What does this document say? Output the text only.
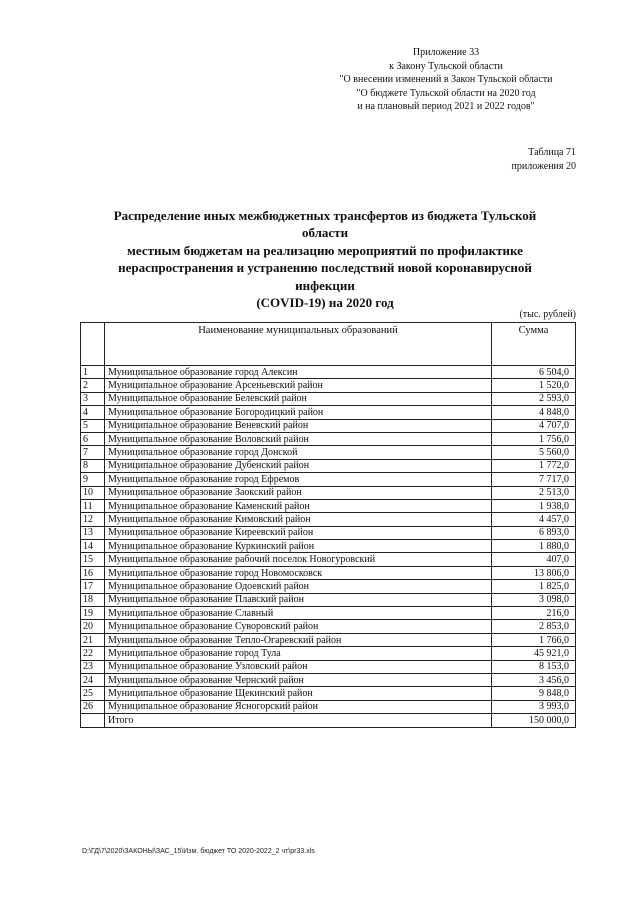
Приложение 33
к Закону Тульской области
"О внесении изменений в Закон Тульской области
"О бюджете Тульской области на 2020 год
и на плановый период 2021 и 2022 годов"
Таблица 71
приложения 20
Распределение иных межбюджетных трансфертов из бюджета Тульской области
местным бюджетам на реализацию мероприятий по профилактике
нераспространения и устранению последствий новой коронавирусной инфекции
(COVID-19) на 2020 год
(тыс. рублей)
	Наименование муниципальных образований	Сумма
1	Муниципальное образование город Алексин	6 504,0
2	Муниципальное образование Арсеньевский район	1 520,0
3	Муниципальное образование Белевский район	2 593,0
4	Муниципальное образование Богородицкий район	4 848,0
5	Муниципальное образование Веневский район	4 707,0
6	Муниципальное образование Воловский район	1 756,0
7	Муниципальное образование город Донской	5 560,0
8	Муниципальное образование Дубенский район	1 772,0
9	Муниципальное образование город Ефремов	7 717,0
10	Муниципальное образование Заокский район	2 513,0
11	Муниципальное образование Каменский район	1 938,0
12	Муниципальное образование Кимовский район	4 457,0
13	Муниципальное образование Киреевский район	6 893,0
14	Муниципальное образование Куркинский район	1 880,0
15	Муниципальное образование рабочий поселок Новогуровский	407,0
16	Муниципальное образование город Новомосковск	13 806,0
17	Муниципальное образование Одоевский район	1 825,0
18	Муниципальное образование Плавский район	3 098,0
19	Муниципальное образование Славный	216,0
20	Муниципальное образование Суворовский район	2 853,0
21	Муниципальное образование Тепло-Огаревский район	1 766,0
22	Муниципальное образование город Тула	45 921,0
23	Муниципальное образование Узловский район	8 153,0
24	Муниципальное образование Чернский район	3 456,0
25	Муниципальное образование Щекинский район	9 848,0
26	Муниципальное образование Ясногорский район	3 993,0
	Итого	150 000,0
D:\ГД\7\2020\ЗАКОНЫ\ЗАС_15\Изм. бюджет ТО 2020-2022_2 чт\pr33.xls
